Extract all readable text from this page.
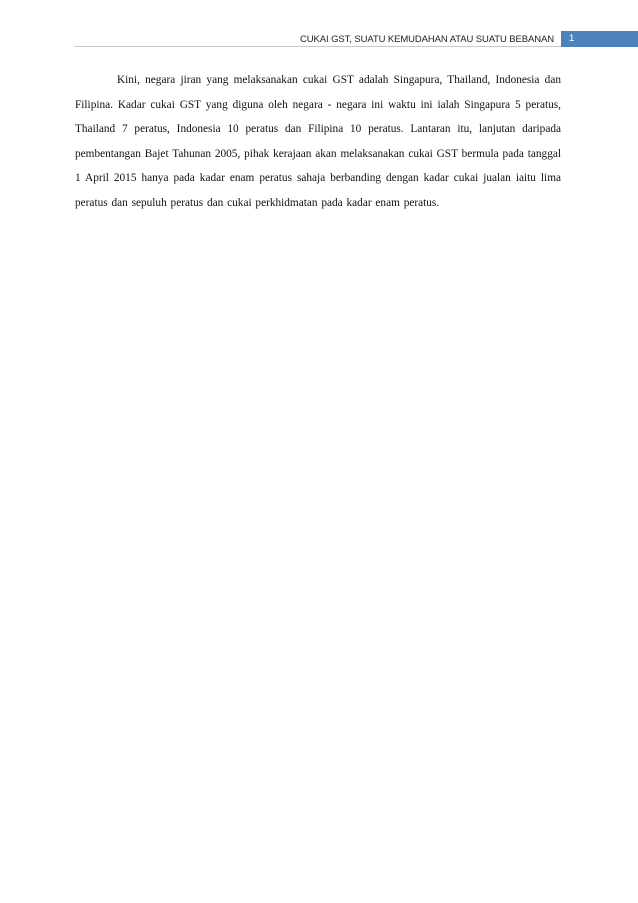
CUKAI GST, SUATU KEMUDAHAN ATAU SUATU BEBANAN 1

Kini, negara jiran yang melaksanakan cukai GST adalah Singapura, Thailand, Indonesia dan Filipina. Kadar cukai GST yang diguna oleh negara - negara ini waktu ini ialah Singapura 5 peratus, Thailand 7 peratus, Indonesia 10 peratus dan Filipina 10 peratus. Lantaran itu, lanjutan daripada pembentangan Bajet Tahunan 2005, pihak kerajaan akan melaksanakan cukai GST bermula pada tanggal 1 April 2015 hanya pada kadar enam peratus sahaja berbanding dengan kadar cukai jualan iaitu lima peratus dan sepuluh peratus dan cukai perkhidmatan pada kadar enam peratus.
